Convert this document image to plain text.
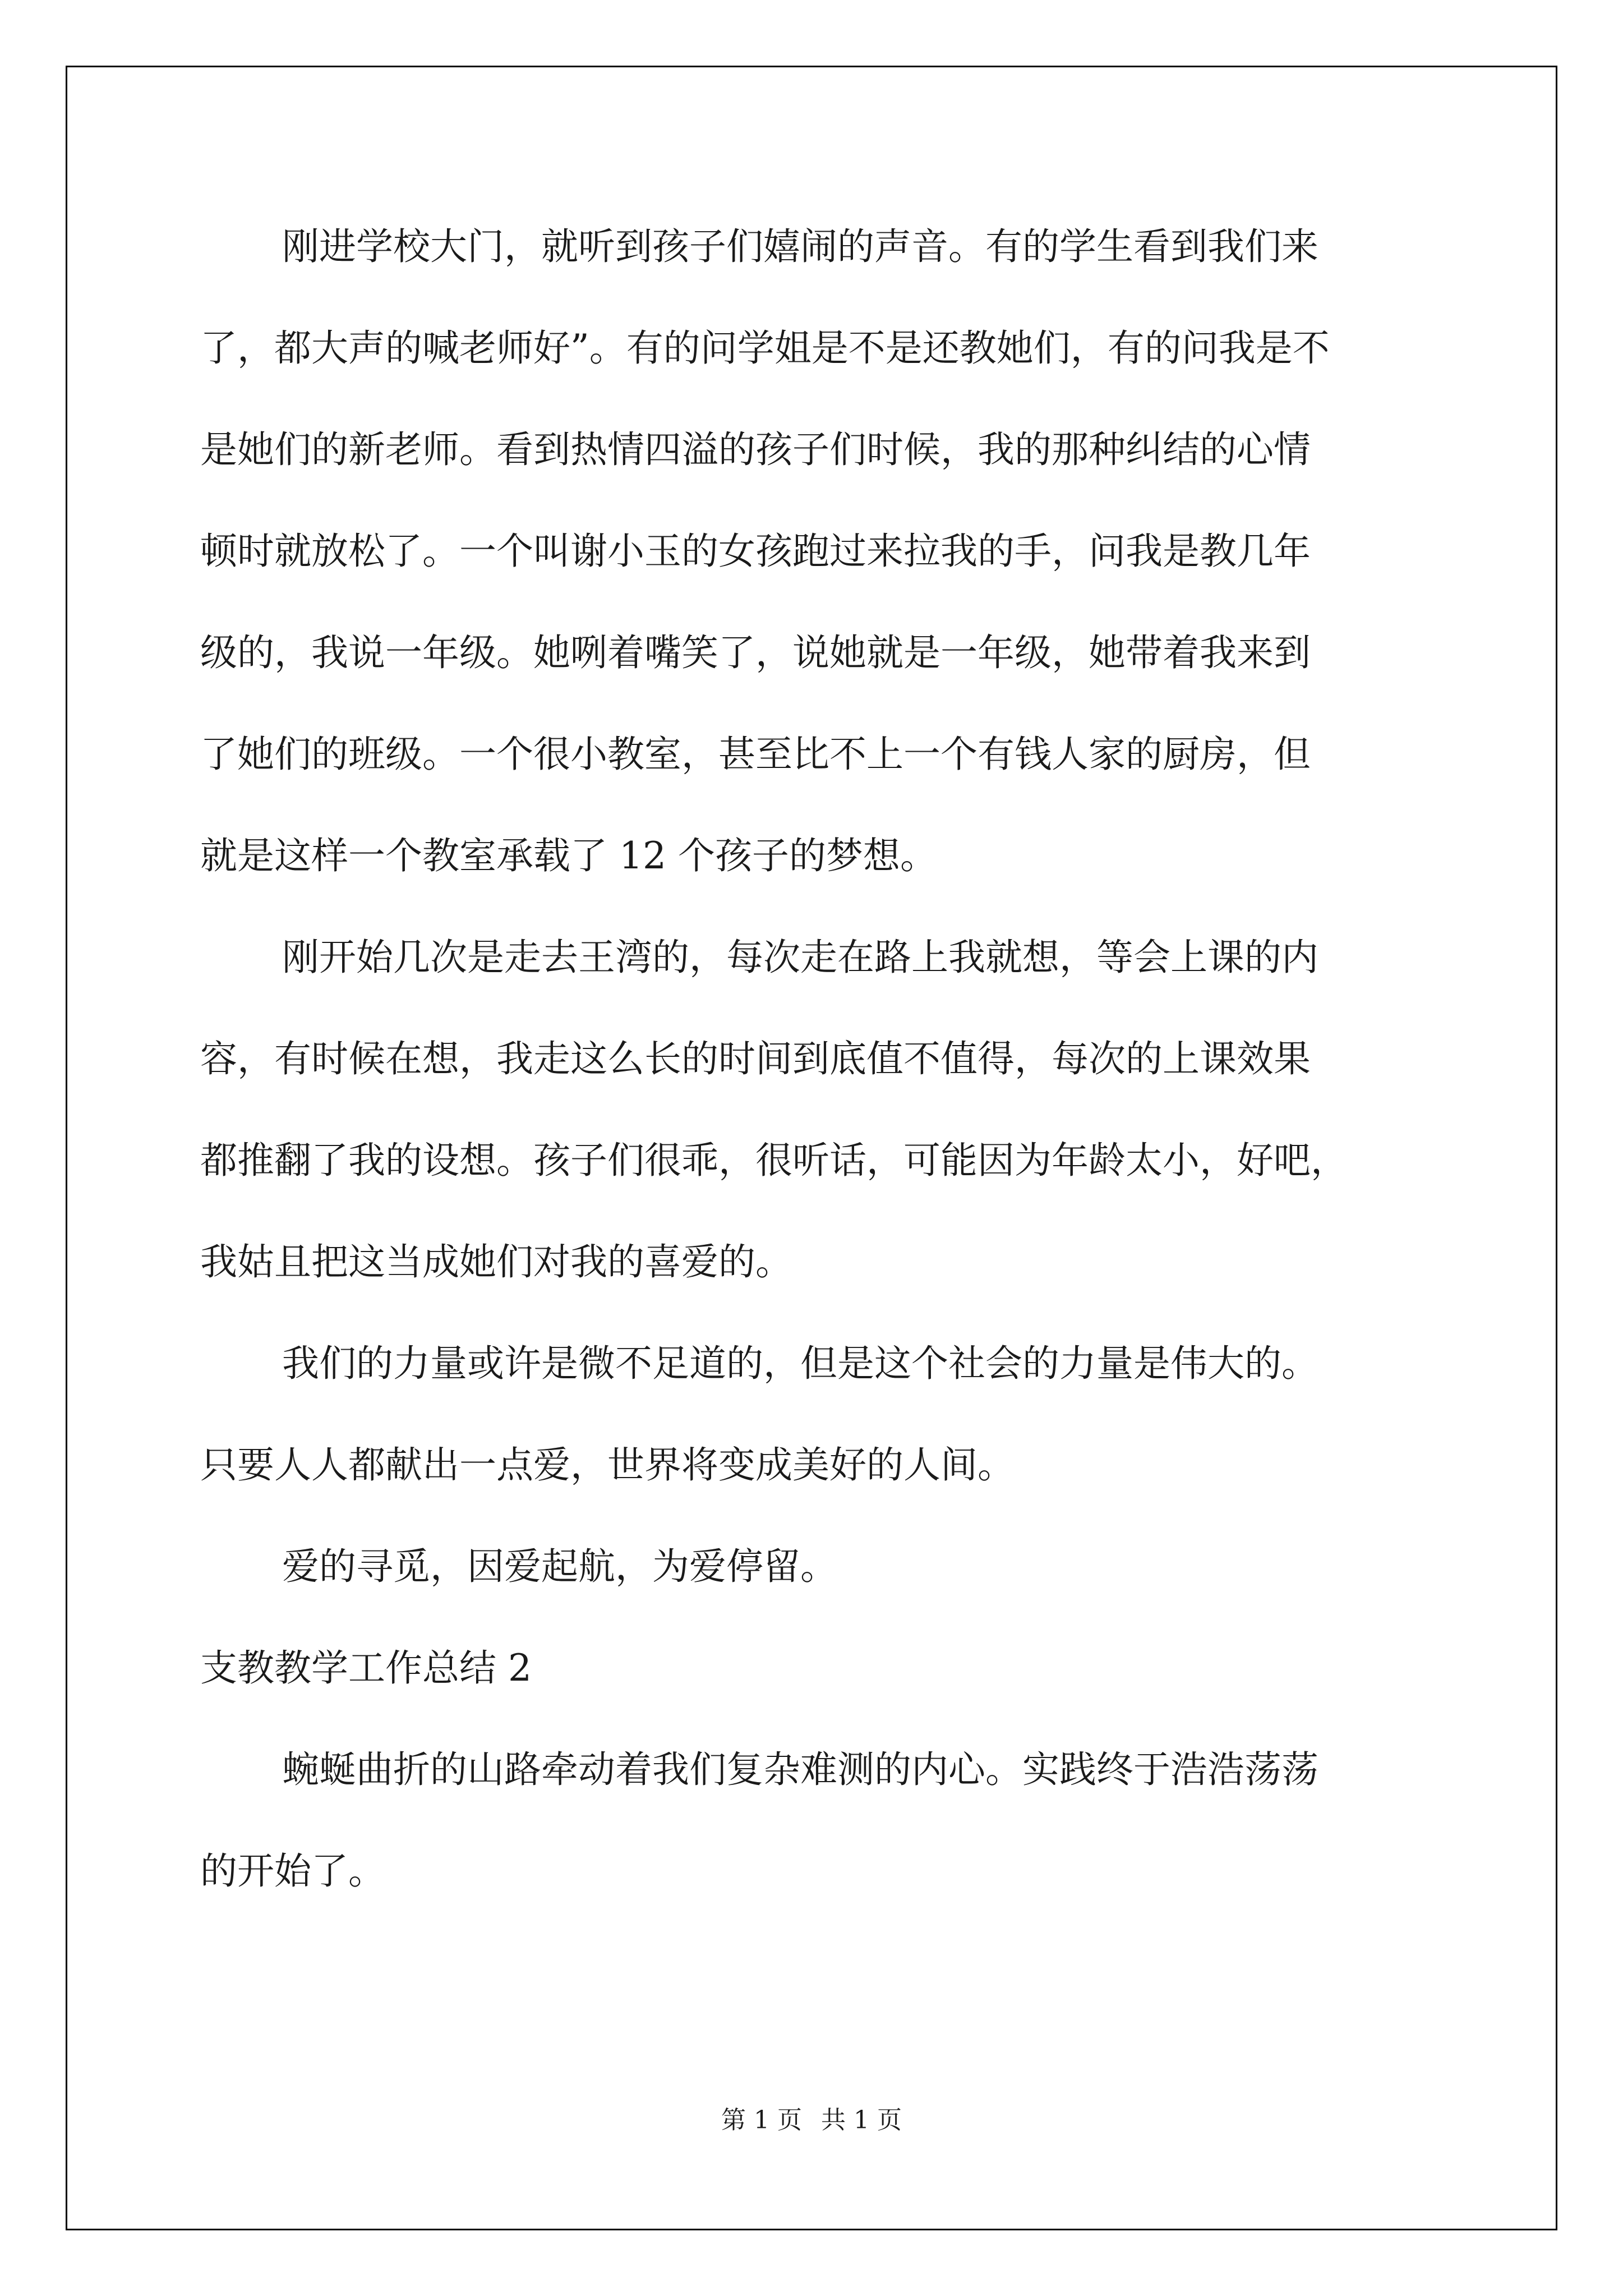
刚进学校大门，就听到孩子们嬉闹的声音。有的学生看到我们来
了，都大声的喊老师好”。有的问学姐是不是还教她们，有的问我是不
是她们的新老师。看到热情四溢的孩子们时候，我的那种纠结的心情
顿时就放松了。一个叫谢小玉的女孩跑过来拉我的手，问我是教几年
级的，我说一年级。她咧着嘴笑了，说她就是一年级，她带着我来到
了她们的班级。一个很小教室，甚至比不上一个有钱人家的厨房，但
就是这样一个教室承载了 12 个孩子的梦想。
刚开始几次是走去王湾的，每次走在路上我就想，等会上课的内
容，有时候在想，我走这么长的时间到底值不值得，每次的上课效果
都推翻了我的设想。孩子们很乖，很听话，可能因为年龄太小，好吧，
我姑且把这当成她们对我的喜爱的。
我们的力量或许是微不足道的，但是这个社会的力量是伟大的。
只要人人都献出一点爱，世界将变成美好的人间。
爱的寻觅，因爱起航，为爱停留。
支教教学工作总结 2
蜿蜒曲折的山路牵动着我们复杂难测的内心。实践终于浩浩荡荡
的开始了。
第 1 页 共 1 页
